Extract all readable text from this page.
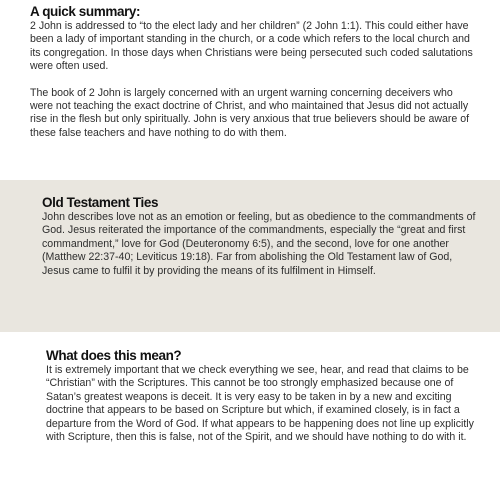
A quick summary:

2 John is addressed to “to the elect lady and her children” (2 John 1:1). This could either have been a lady of important standing in the church, or a code which refers to the local church and its congregation. In those days when Christians were being persecuted such coded salutations were often used.

The book of 2 John is largely concerned with an urgent warning concerning deceivers who were not teaching the exact doctrine of Christ, and who maintained that Jesus did not actually rise in the flesh but only spiritually. John is very anxious that true believers should be aware of these false teachers and have nothing to do with them.

Old Testament Ties

John describes love not as an emotion or feeling, but as obedience to the commandments of God. Jesus reiterated the importance of the commandments, especially the “great and first commandment,” love for God (Deuteronomy 6:5), and the second, love for one another (Matthew 22:37-40; Leviticus 19:18). Far from abolishing the Old Testament law of God, Jesus came to fulfil it by providing the means of its fulfilment in Himself.

What does this mean?

It is extremely important that we check everything we see, hear, and read that claims to be “Christian” with the Scriptures. This cannot be too strongly emphasized because one of Satan’s greatest weapons is deceit. It is very easy to be taken in by a new and exciting doctrine that appears to be based on Scripture but which, if examined closely, is in fact a departure from the Word of God. If what appears to be happening does not line up explicitly with Scripture, then this is false, not of the Spirit, and we should have nothing to do with it.
